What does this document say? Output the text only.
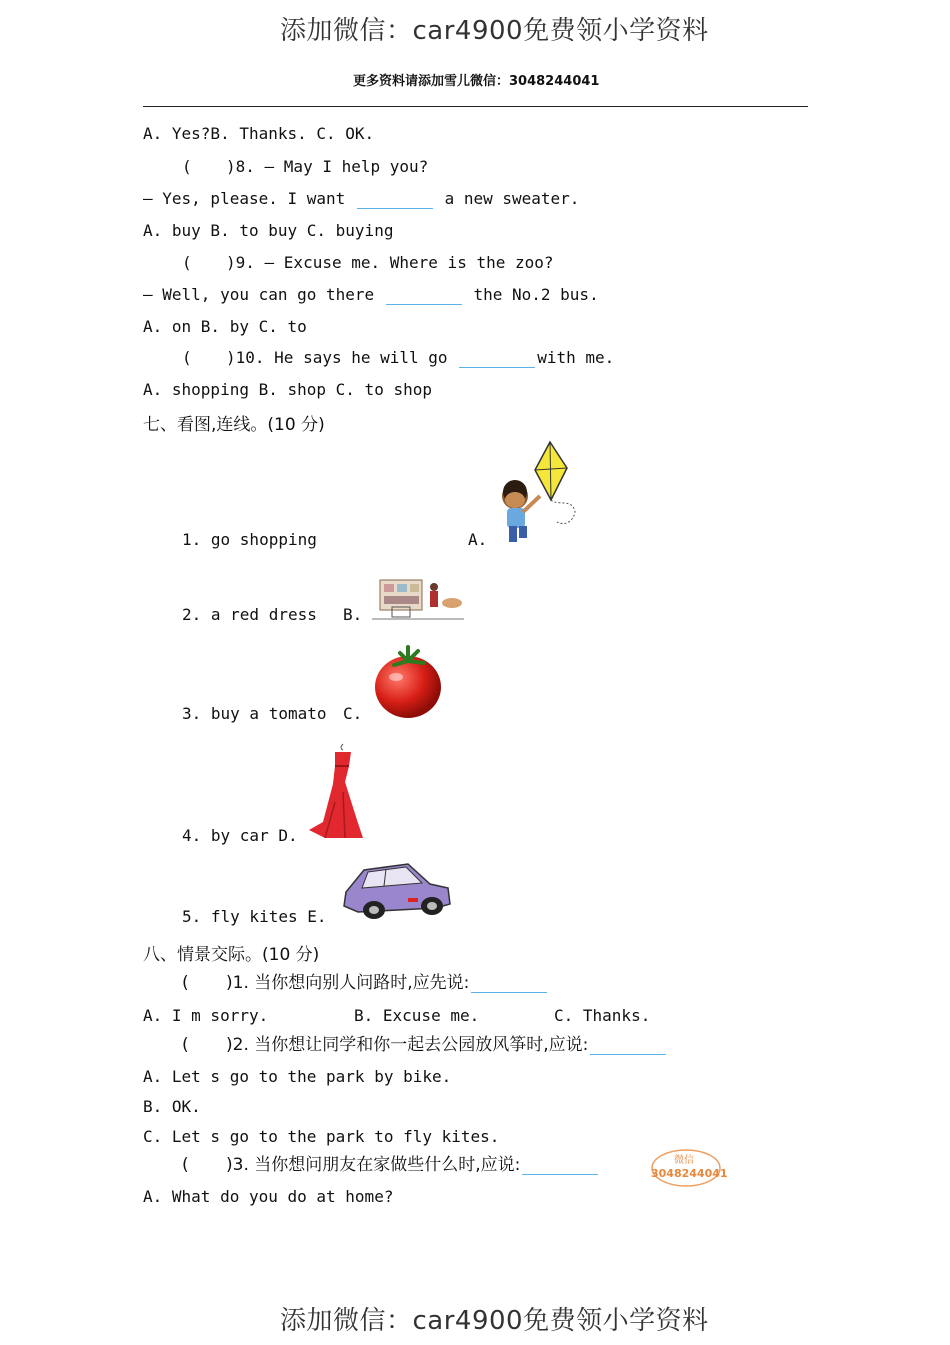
添加微信：car4900免费领小学资料
更多资料请添加雪儿微信：3048244041
A. Yes?B. Thanks. C. OK.
( )8. — May I help you?
— Yes, please. I want	a new sweater.
A. buy B. to buy C. buying
( )9. — Excuse me. Where is the zoo?
— Well, you can go there	the No.2 bus.
A. on B. by C. to
( )10. He says he will go	with me.
A. shopping B. shop C. to shop
七、看图,连线。(10 分)
1. go shopping	A.
2. a red dress B.
3. buy a tomato C.
4. by car D.
5. fly kites E.
八、情景交际。(10 分)
( )1. 当你想向别人问路时,应先说:
A. I m sorry.	B. Excuse me.	C. Thanks.
( )2. 当你想让同学和你一起去公园放风筝时,应说:
A. Let s go to the park by bike.
B. OK.
C. Let s go to the park to fly kites.
( )3. 当你想问朋友在家做些什么时,应说:
A. What do you do at home?
微信
3048244041
添加微信：car4900免费领小学资料
